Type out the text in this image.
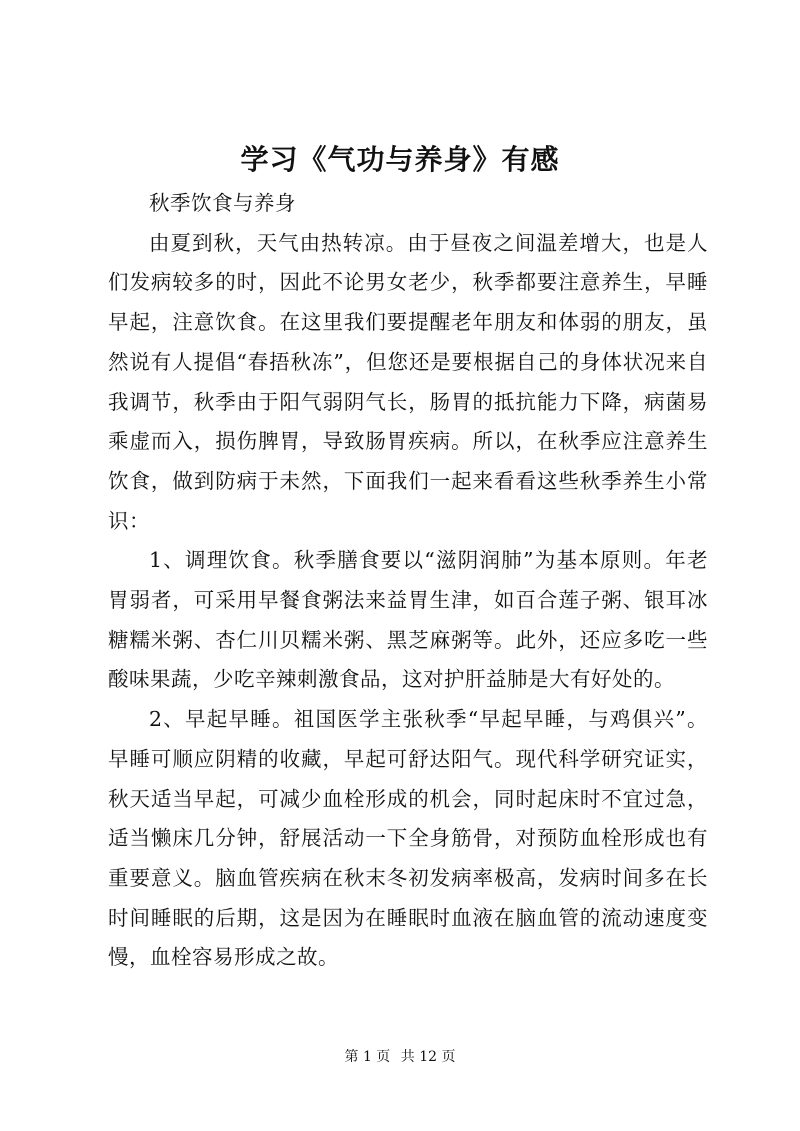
学习《气功与养身》有感

秋季饮食与养身

由夏到秋，天气由热转凉。由于昼夜之间温差增大，也是人们发病较多的时，因此不论男女老少，秋季都要注意养生，早睡早起，注意饮食。在这里我们要提醒老年朋友和体弱的朋友，虽然说有人提倡“春捂秋冻”，但您还是要根据自己的身体状况来自我调节，秋季由于阳气弱阴气长，肠胃的抵抗能力下降，病菌易乘虚而入，损伤脾胃，导致肠胃疾病。所以，在秋季应注意养生饮食，做到防病于未然，下面我们一起来看看这些秋季养生小常识：

1、调理饮食。秋季膳食要以“滋阴润肺”为基本原则。年老胃弱者，可采用早餐食粥法来益胃生津，如百合莲子粥、银耳冰糖糯米粥、杏仁川贝糯米粥、黑芝麻粥等。此外，还应多吃一些酸味果蔬，少吃辛辣刺激食品，这对护肝益肺是大有好处的。

2、早起早睡。祖国医学主张秋季“早起早睡，与鸡俱兴”。早睡可顺应阴精的收藏，早起可舒达阳气。现代科学研究证实，秋天适当早起，可减少血栓形成的机会，同时起床时不宜过急，适当懒床几分钟，舒展活动一下全身筋骨，对预防血栓形成也有重要意义。脑血管疾病在秋末冬初发病率极高，发病时间多在长时间睡眠的后期，这是因为在睡眠时血液在脑血管的流动速度变慢，血栓容易形成之故。

第 1 页 共 12 页
